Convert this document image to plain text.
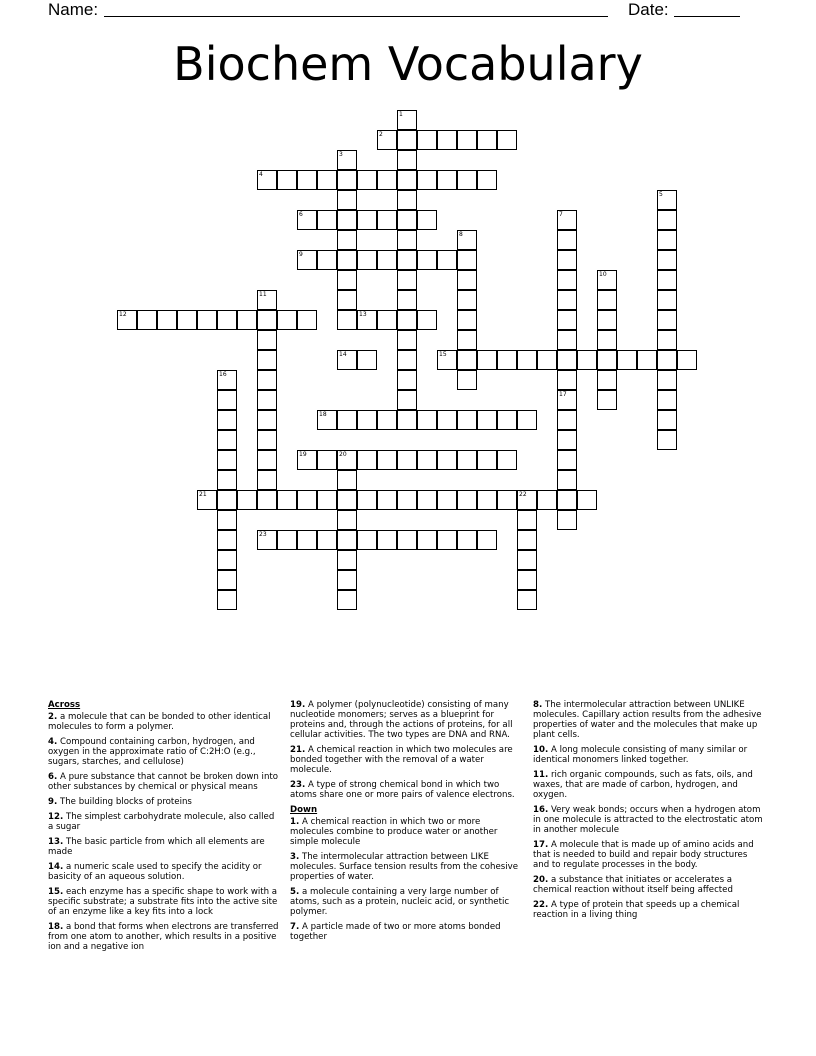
Name:	Date:
Biochem Vocabulary
1
2
3
4
5
6	7
17
8
9
10
11
12	13
14	15
16
18
19	20
21	22
23
Across
2. a molecule that can be bonded to other identical molecules to form a polymer.
4. Compound containing carbon, hydrogen, and oxygen in the approximate ratio of C:2H:O (e.g., sugars, starches, and cellulose)
6. A pure substance that cannot be broken down into other substances by chemical or physical means
9. The building blocks of proteins
12. The simplest carbohydrate molecule, also called a sugar
13. The basic particle from which all elements are made
14. a numeric scale used to specify the acidity or basicity of an aqueous solution.
15. each enzyme has a specific shape to work with a specific substrate; a substrate fits into the active site of an enzyme like a key fits into a lock
18. a bond that forms when electrons are transferred from one atom to another, which results in a positive ion and a negative ion
19. A polymer (polynucleotide) consisting of many nucleotide monomers; serves as a blueprint for proteins and, through the actions of proteins, for all cellular activities. The two types are DNA and RNA.
21. A chemical reaction in which two molecules are bonded together with the removal of a water molecule.
23. A type of strong chemical bond in which two atoms share one or more pairs of valence electrons.
Down
1. A chemical reaction in which two or more molecules combine to produce water or another simple molecule
3. The intermolecular attraction between LIKE molecules. Surface tension results from the cohesive properties of water.
5. a molecule containing a very large number of atoms, such as a protein, nucleic acid, or synthetic polymer.
7. A particle made of two or more atoms bonded together
8. The intermolecular attraction between UNLIKE molecules. Capillary action results from the adhesive properties of water and the molecules that make up plant cells.
10. A long molecule consisting of many similar or identical monomers linked together.
11. rich organic compounds, such as fats, oils, and waxes, that are made of carbon, hydrogen, and oxygen.
16. Very weak bonds; occurs when a hydrogen atom in one molecule is attracted to the electrostatic atom in another molecule
17. A molecule that is made up of amino acids and that is needed to build and repair body structures and to regulate processes in the body.
20. a substance that initiates or accelerates a chemical reaction without itself being affected
22. A type of protein that speeds up a chemical reaction in a living thing
